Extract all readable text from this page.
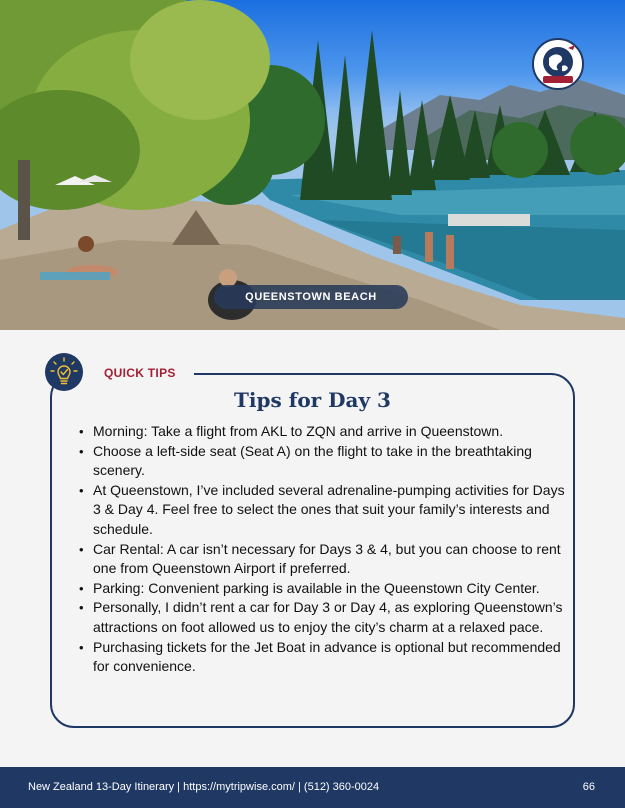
QUEENSTOWN BEACH
QUICK TIPS
Tips for Day 3
• Morning: Take a flight from AKL to ZQN and arrive in Queenstown.
• Choose a left-side seat (Seat A) on the flight to take in the breathtaking scenery.
• At Queenstown, I’ve included several adrenaline-pumping activities for Days 3 & Day 4. Feel free to select the ones that suit your family’s interests and schedule.
• Car Rental: A car isn’t necessary for Days 3 & 4, but you can choose to rent one from Queenstown Airport if preferred.
• Parking: Convenient parking is available in the Queenstown City Center.
• Personally, I didn’t rent a car for Day 3 or Day 4, as exploring Queenstown’s attractions on foot allowed us to enjoy the city’s charm at a relaxed pace.
• Purchasing tickets for the Jet Boat in advance is optional but recommended for convenience.
New Zealand 13-Day Itinerary | https://mytripwise.com/ | (512) 360-0024	66
